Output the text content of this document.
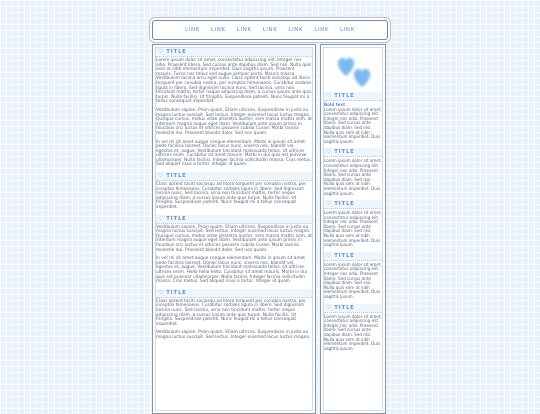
LINK LINK LINK LINK LINK LINK LINK
♡ TITLE

Lorem ipsum dolor sit amet, consectetur adipiscing elit. Integer nec odio. Praesent libero. Sed cursus ante dapibus diam. Sed nisi. Nulla quis sem at nibh elementum imperdiet. Duis sagittis ipsum. Praesent mauris. Fusce nec tellus sed augue semper porta. Mauris massa. Vestibulum lacinia arcu eget nulla. Class aptent taciti sociosqu ad litora torquent per conubia nostra, per inceptos himenaeos. Curabitur sodales ligula in libero. Sed dignissim lacinia nunc. Sed lacinia, urna non tincidunt mattis, tortor neque adipiscing diam, a cursus ipsum ante quis turpis. Nulla facilisi. Ut fringilla. Suspendisse potenti. Nunc feugiat mi a tellus consequat imperdiet.

Vestibulum sapien. Proin quam. Etiam ultrices. Suspendisse in justo eu magna luctus suscipit. Sed lectus. Integer euismod lacus luctus magna. Quisque cursus, metus vitae pharetra auctor, sem massa mattis sem, at interdum magna augue eget diam. Vestibulum ante ipsum primis in faucibus orci luctus et ultrices posuere cubilia Curae; Morbi lacinia molestie dui. Praesent blandit dolor. Sed non quam.

In vel mi sit amet augue congue elementum. Morbi in ipsum sit amet pede facilisis laoreet. Donec lacus nunc, viverra nec, blandit vel, egestas et, augue. Vestibulum tincidunt malesuada tellus. Ut ultrices ultrices enim. Curabitur sit amet mauris. Morbi in dui quis est pulvinar ullamcorper. Nulla facilisi. Integer lacinia sollicitudin massa. Cras metus. Sed aliquet risus a tortor. Integer id quam.

♡ TITLE

Class aptent taciti sociosqu ad litora torquent per conubia nostra, per inceptos himenaeos. Curabitur sodales ligula in libero. Sed dignissim lacinia nunc. Sed lacinia, urna non tincidunt mattis, tortor neque adipiscing diam, a cursus ipsum ante quis turpis. Nulla facilisi. Ut fringilla. Suspendisse potenti. Nunc feugiat mi a tellus consequat imperdiet.

♡ TITLE

Vestibulum sapien. Proin quam. Etiam ultrices. Suspendisse in justo eu magna luctus suscipit. Sed lectus. Integer euismod lacus luctus magna. Quisque cursus, metus vitae pharetra auctor, sem massa mattis sem, at interdum magna augue eget diam. Vestibulum ante ipsum primis in faucibus orci luctus et ultrices posuere cubilia Curae; Morbi lacinia molestie dui. Praesent blandit dolor. Sed non quam.

In vel mi sit amet augue congue elementum. Morbi in ipsum sit amet pede facilisis laoreet. Donec lacus nunc, viverra nec, blandit vel, egestas et, augue. Vestibulum tincidunt malesuada tellus. Ut ultrices ultrices enim. Hello hello hello. Curabitur sit amet mauris. Morbi in dui quis est pulvinar ullamcorper. Nulla facilisi. Integer lacinia sollicitudin massa. Cras metus. Sed aliquet risus a tortor. Integer id quam.

♡ TITLE

Class aptent taciti sociosqu ad litora torquent per conubia nostra, per inceptos himenaeos. Curabitur sodales ligula in libero. Sed dignissim lacinia nunc. Sed lacinia, urna non tincidunt mattis, tortor neque adipiscing diam, a cursus ipsum ante quis turpis. Nulla facilisi. Ut fringilla. Suspendisse potenti. Nunc feugiat mi a tellus consequat imperdiet.

Vestibulum sapien. Proin quam. Etiam ultrices. Suspendisse in justo eu magna luctus suscipit. Sed lectus. Integer euismod lacus luctus magna.

♡ TITLE

Bold text
Lorem ipsum dolor sit amet, consectetur adipiscing elit. Integer nec odio. Praesent libero. Sed cursus ante dapibus diam. Sed nisi. Nulla quis sem at nibh elementum imperdiet. Duis sagittis ipsum.

♡ TITLE

Lorem ipsum dolor sit amet, consectetur adipiscing elit. Integer nec odio. Praesent libero. Sed cursus ante dapibus diam. Sed nisi. Nulla quis sem at nibh elementum imperdiet. Duis sagittis ipsum.

♡ TITLE

Lorem ipsum dolor sit amet, consectetur adipiscing elit. Integer nec odio. Praesent libero. Sed cursus ante dapibus diam. Sed nisi. Nulla quis sem at nibh elementum imperdiet. Duis sagittis ipsum.

♡ TITLE

Lorem ipsum dolor sit amet, consectetur adipiscing elit. Integer nec odio. Praesent libero. Sed cursus ante dapibus diam. Sed nisi. Nulla quis sem at nibh elementum imperdiet. Duis sagittis ipsum.

♡ TITLE

Lorem ipsum dolor sit amet, consectetur adipiscing elit. Integer nec odio. Praesent libero. Sed cursus ante dapibus diam. Sed nisi. Nulla quis sem at nibh elementum imperdiet. Duis sagittis ipsum.
